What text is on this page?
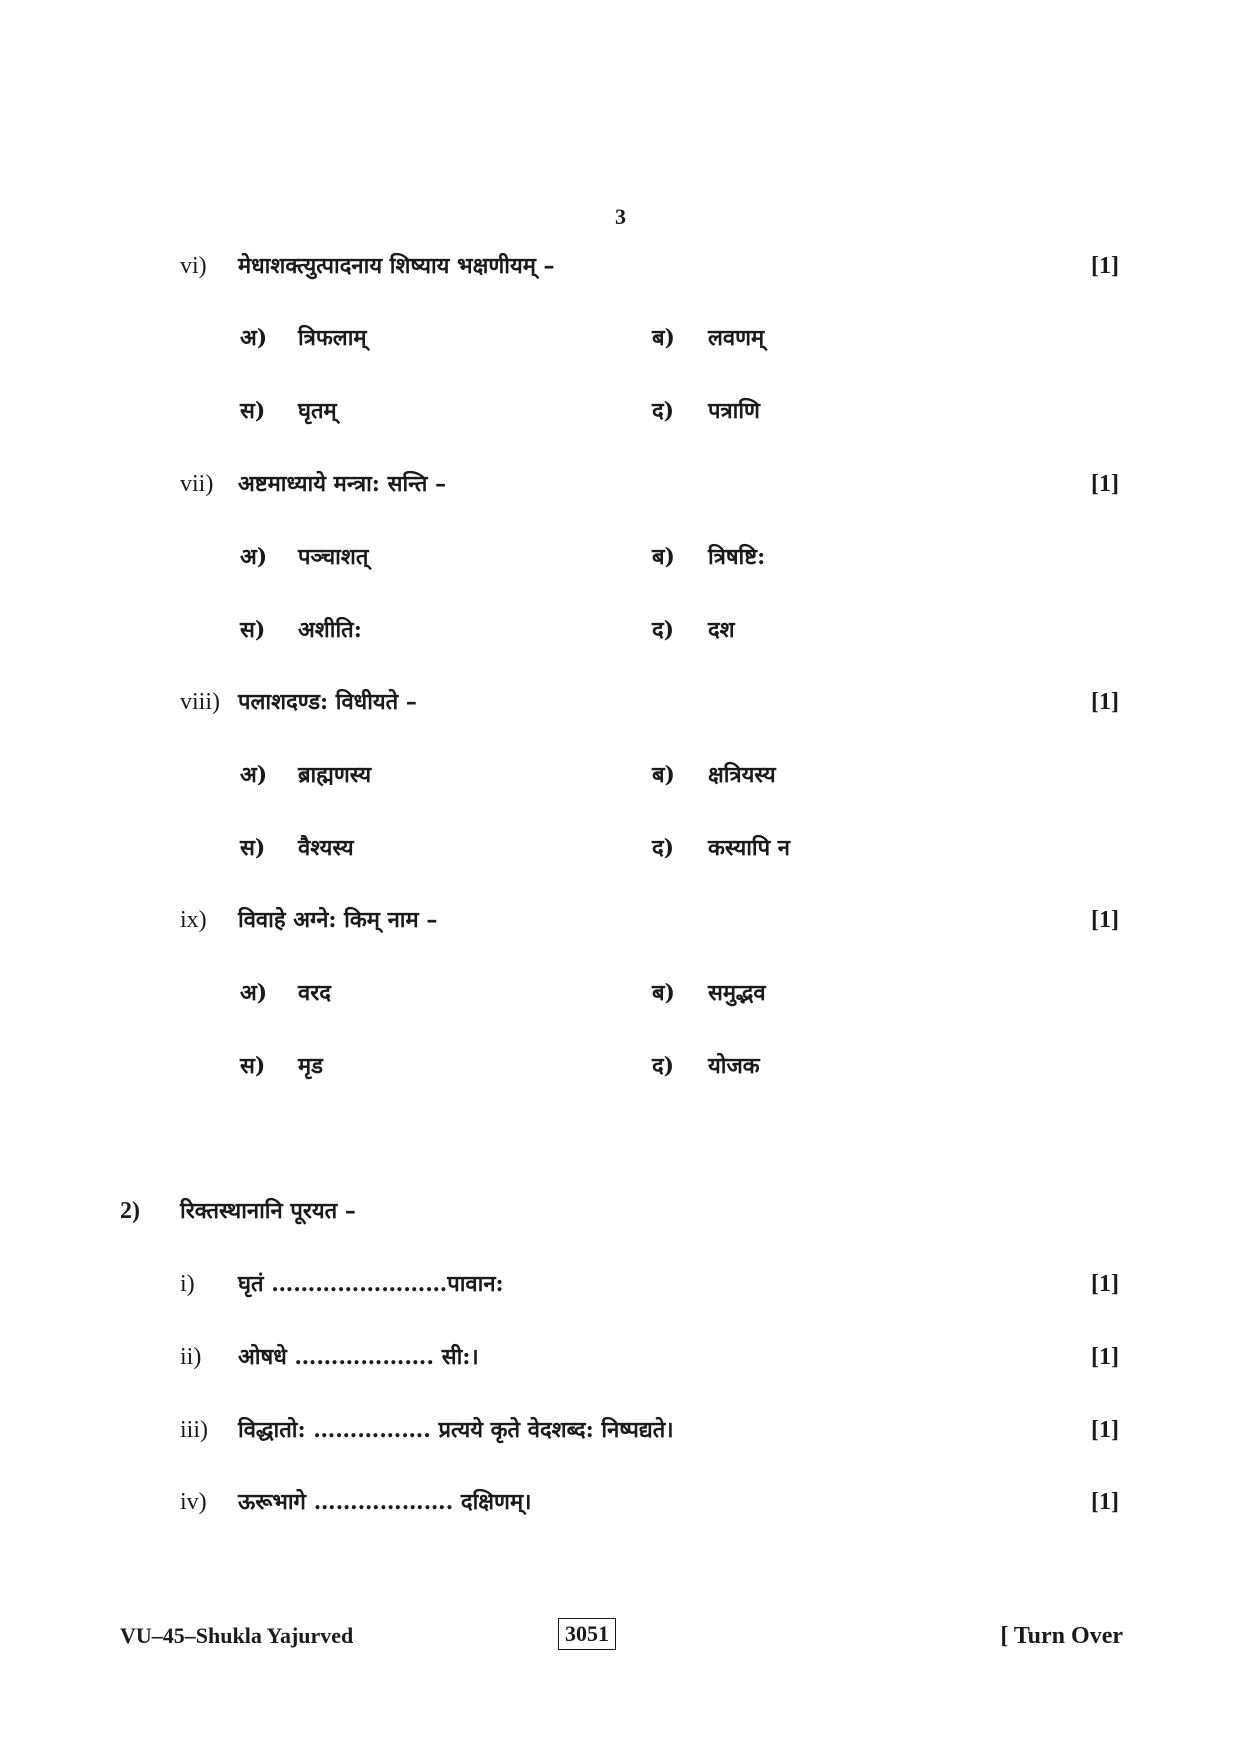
3
vi) मेधाशक्त्युत्पादनाय शिष्याय भक्षणीयम् –	[1]
अ) त्रिफलाम्	ब) लवणम्
स) घृतम्	द) पत्राणि
vii) अष्टमाध्याये मन्त्रा: सन्ति –	[1]
अ) पञ्चाशत्	ब) त्रिषष्टि:
स) अशीति:	द) दश
viii) पलाशदण्ड: विधीयते –	[1]
अ) ब्राह्मणस्य	ब) क्षत्रियस्य
स) वैश्यस्य	द) कस्यापि न
ix) विवाहे अग्ने: किम् नाम –	[1]
अ) वरद	ब) समुद्भव
स) मृड	द) योजक
2) रिक्तस्थानानि पूरयत –
i) घृतं ……………………पावान:	[1]
ii) ओषधे ………………. सी:।	[1]
iii) विद्धातो: ……………. प्रत्यये कृते वेदशब्द: निष्पद्यते।	[1]
iv) ऊरूभागे ………………. दक्षिणम्।	[1]
VU–45–Shukla Yajurved	3051	[ Turn Over
